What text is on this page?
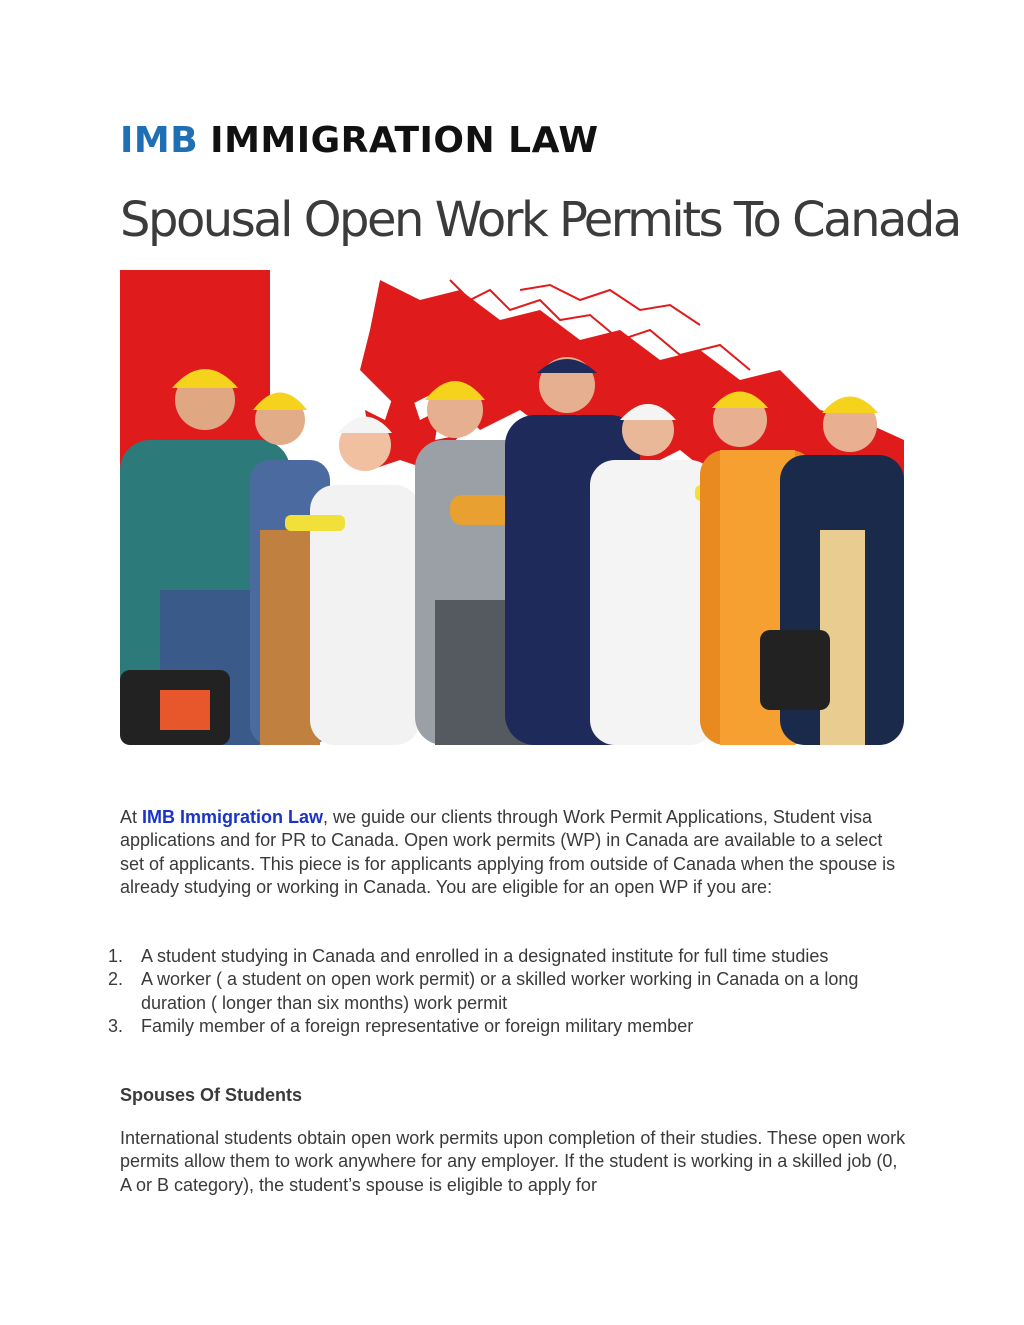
IMB IMMIGRATION LAW
Spousal Open Work Permits To Canada

At IMB Immigration Law, we guide our clients through Work Permit Applications, Student visa applications and for PR to Canada. Open work permits (WP) in Canada are available to a select set of applicants. This piece is for applicants applying from outside of Canada when the spouse is already studying or working in Canada. You are eligible for an open WP if you are:

1. A student studying in Canada and enrolled in a designated institute for full time studies
2. A worker ( a student on open work permit) or a skilled worker working in Canada on a long duration ( longer than six months) work permit
3. Family member of a foreign representative or foreign military member
Spouses Of Students

International students obtain open work permits upon completion of their studies. These open work permits allow them to work anywhere for any employer. If the student is working in a skilled job (0, A or B category), the student’s spouse is eligible to apply for
